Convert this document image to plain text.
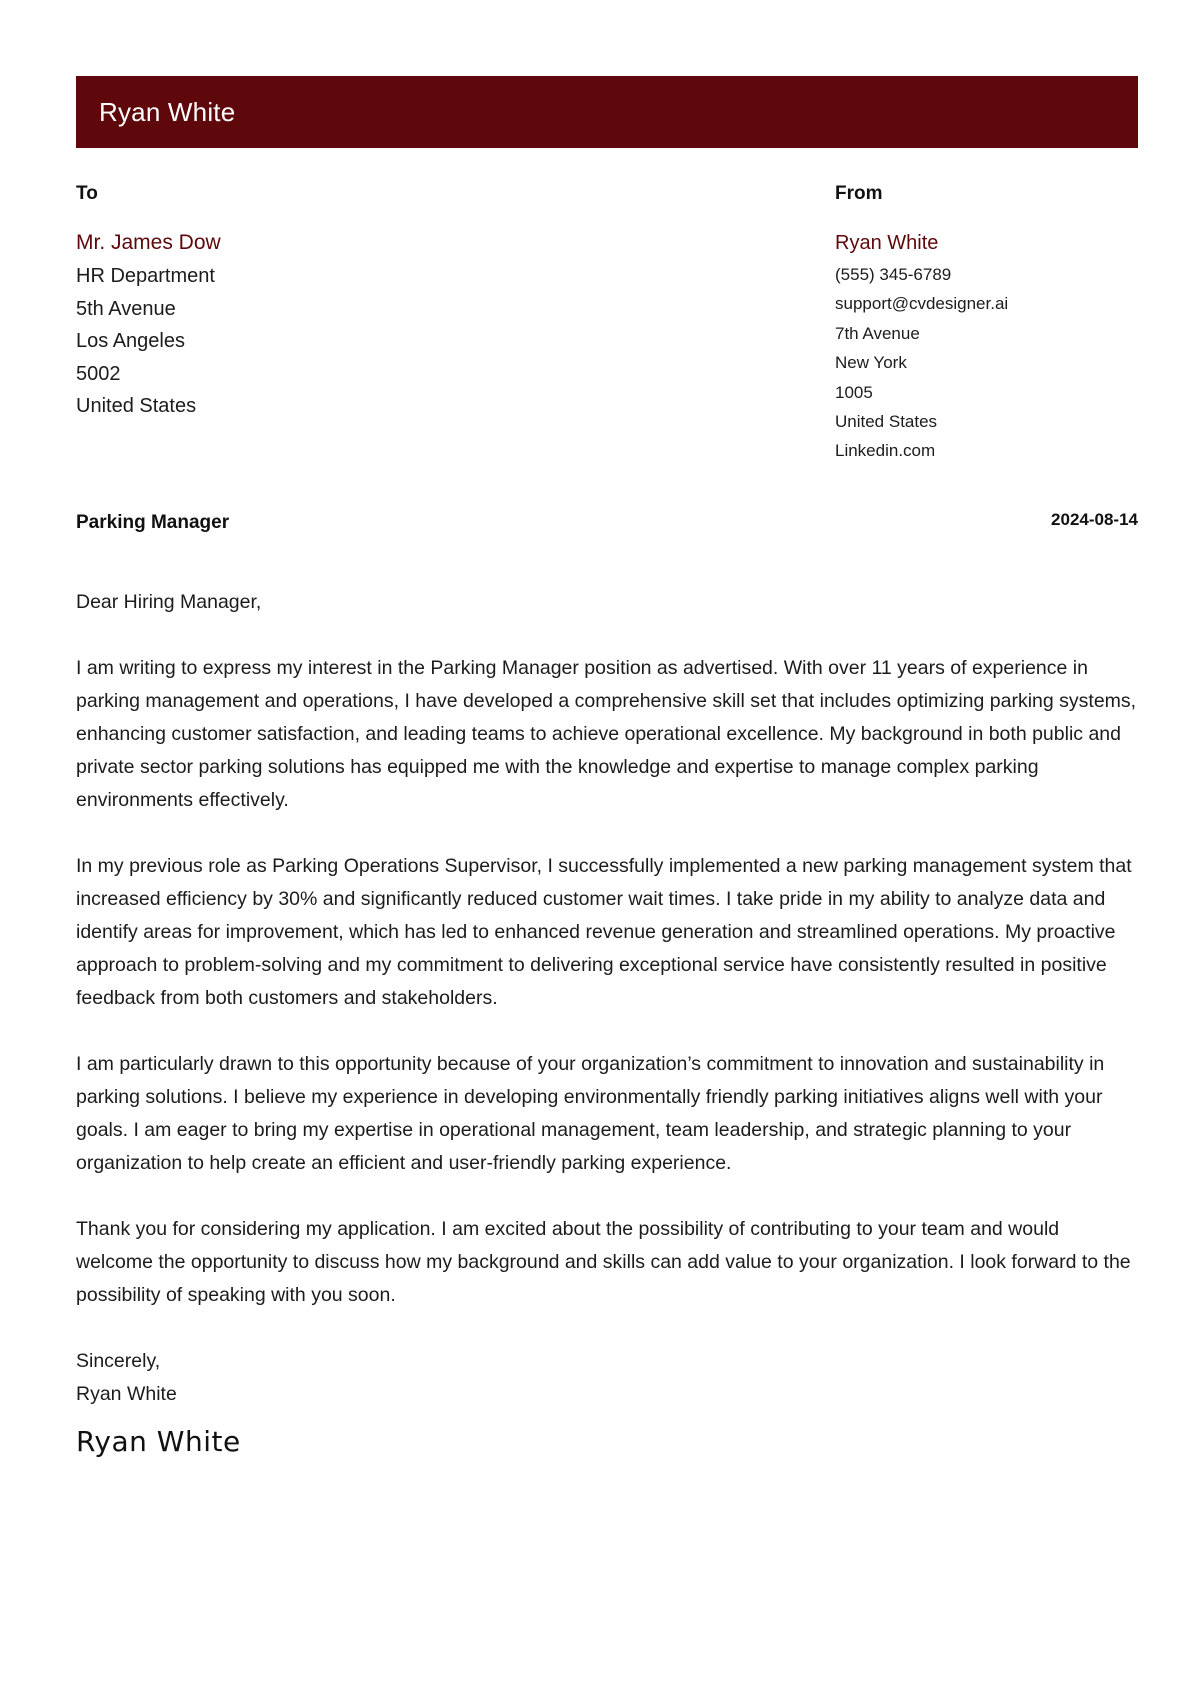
Ryan White
To
Mr. James Dow
HR Department
5th Avenue
Los Angeles
5002
United States
From
Ryan White
(555) 345-6789
support@cvdesigner.ai
7th Avenue
New York
1005
United States
Linkedin.com
Parking Manager	2024-08-14

Dear Hiring Manager,

I am writing to express my interest in the Parking Manager position as advertised. With over 11 years of experience in parking management and operations, I have developed a comprehensive skill set that includes optimizing parking systems, enhancing customer satisfaction, and leading teams to achieve operational excellence. My background in both public and private sector parking solutions has equipped me with the knowledge and expertise to manage complex parking environments effectively.

In my previous role as Parking Operations Supervisor, I successfully implemented a new parking management system that increased efficiency by 30% and significantly reduced customer wait times. I take pride in my ability to analyze data and identify areas for improvement, which has led to enhanced revenue generation and streamlined operations. My proactive approach to problem-solving and my commitment to delivering exceptional service have consistently resulted in positive feedback from both customers and stakeholders.

I am particularly drawn to this opportunity because of your organization’s commitment to innovation and sustainability in parking solutions. I believe my experience in developing environmentally friendly parking initiatives aligns well with your goals. I am eager to bring my expertise in operational management, team leadership, and strategic planning to your organization to help create an efficient and user-friendly parking experience.

Thank you for considering my application. I am excited about the possibility of contributing to your team and would welcome the opportunity to discuss how my background and skills can add value to your organization. I look forward to the possibility of speaking with you soon.

Sincerely,
Ryan White
Ryan White
